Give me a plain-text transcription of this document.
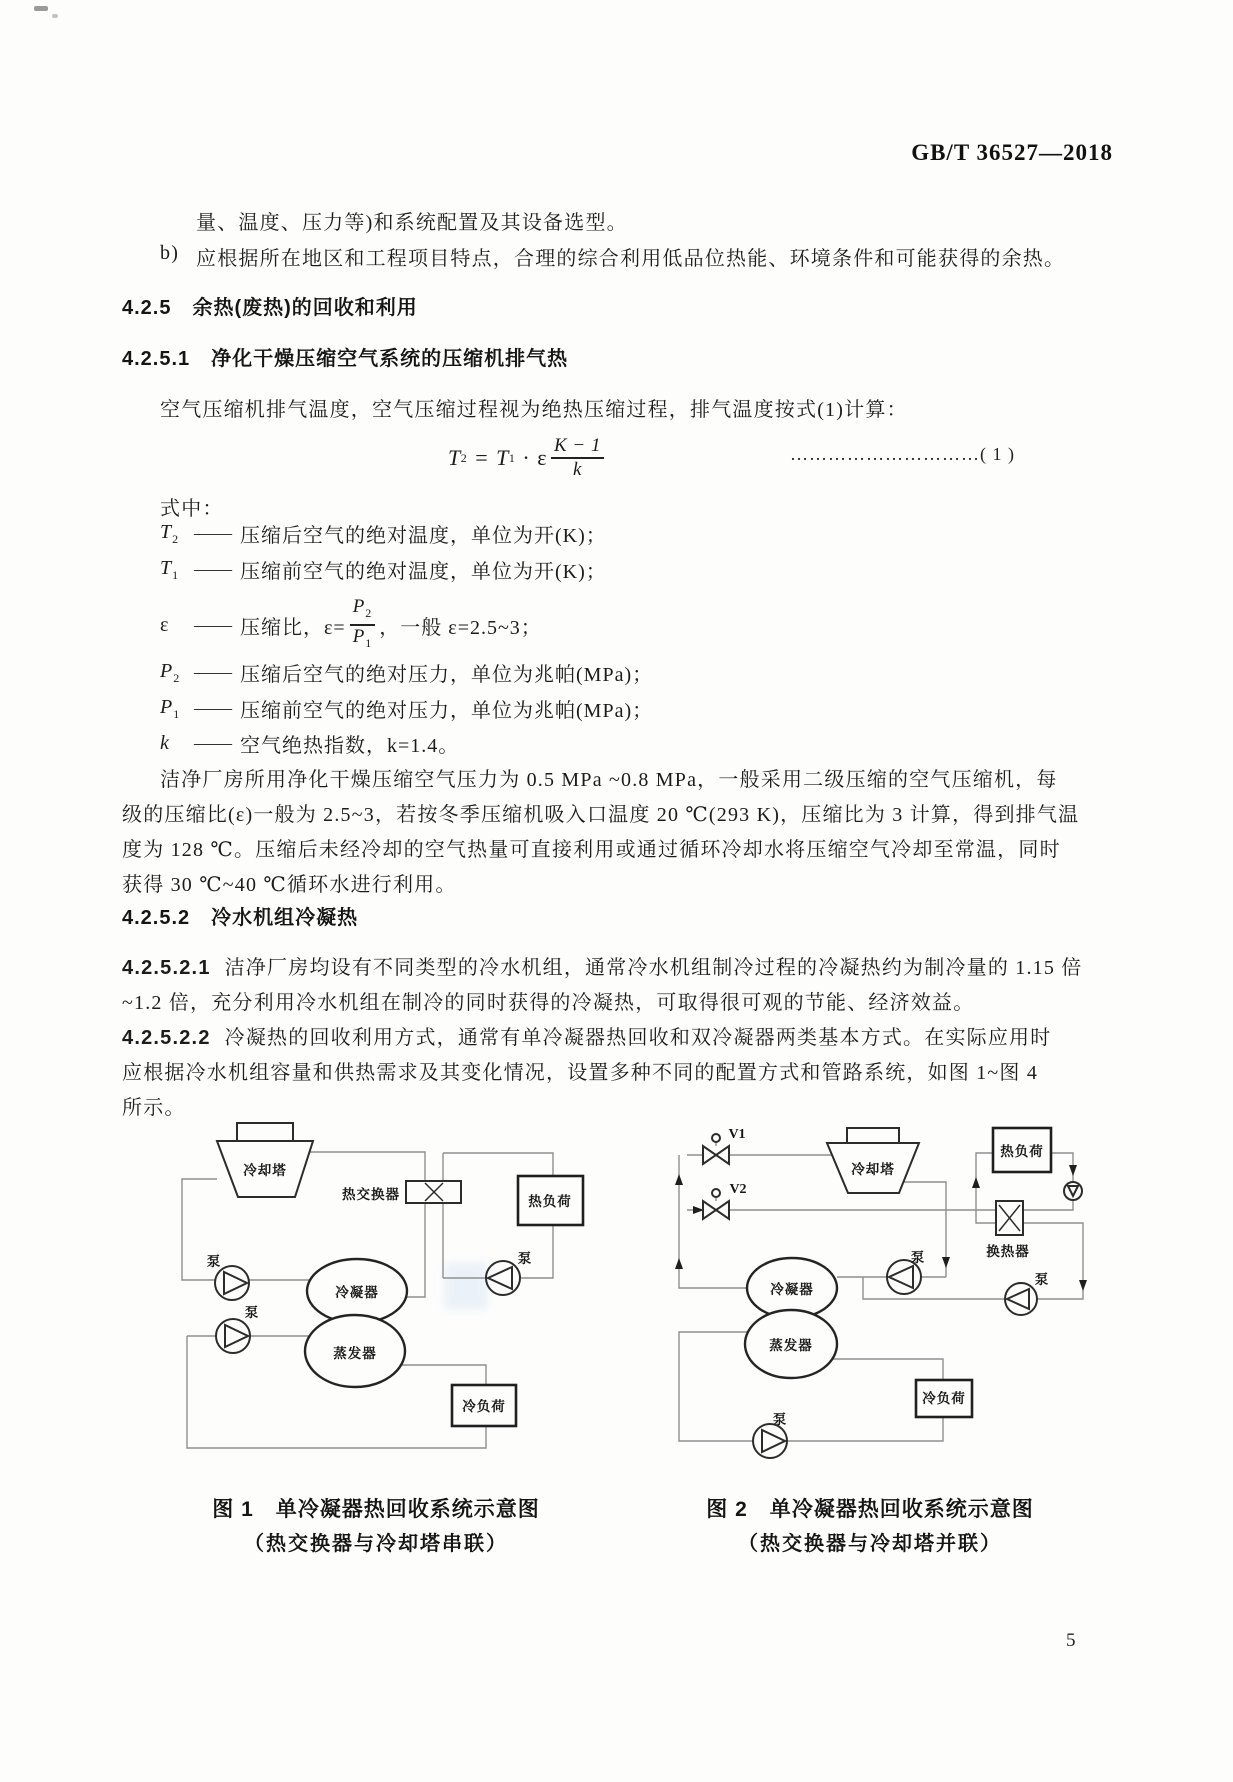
GB/T 36527—2018
量、温度、压力等)和系统配置及其设备选型。
b) 应根据所在地区和工程项目特点，合理的综合利用低品位热能、环境条件和可能获得的余热。
4.2.5　余热(废热)的回收和利用
4.2.5.1　净化干燥压缩空气系统的压缩机排气热
空气压缩机排气温度，空气压缩过程视为绝热压缩过程，排气温度按式(1)计算：
T 2 = T 1 · ε $\frac{K - 1}{k}$	…………………………( 1 )
式中：
$T_2$ —— 压缩后空气的绝对温度，单位为开(K)；
$T_1$ —— 压缩前空气的绝对温度，单位为开(K)；
ε	—— 压缩比，$\varepsilon= \frac{P_2}{P_1}$ ，一般 ε=2.5~3；
$P_2$ —— 压缩后空气的绝对压力，单位为兆帕(MPa)；
$P_1$ —— 压缩前空气的绝对压力，单位为兆帕(MPa)；
k	—— 空气绝热指数，k=1.4。
洁净厂房所用净化干燥压缩空气压力为 0.5 MPa ~0.8 MPa，一般采用二级压缩的空气压缩机，每
级的压缩比(ε)一般为 2.5~3，若按冬季压缩机吸入口温度 20 ℃(293 K)，压缩比为 3 计算，得到排气温
度为 128 ℃。压缩后未经冷却的空气热量可直接利用或通过循环冷却水将压缩空气冷却至常温，同时
获得 30 ℃~40 ℃循环水进行利用。
4.2.5.2　冷水机组冷凝热
4.2.5.2.1 洁净厂房均设有不同类型的冷水机组，通常冷水机组制冷过程的冷凝热约为制冷量的 1.15 倍
~1.2 倍，充分利用冷水机组在制冷的同时获得的冷凝热，可取得很可观的节能、经济效益。
4.2.5.2.2 冷凝热的回收利用方式，通常有单冷凝器热回收和双冷凝器两类基本方式。在实际应用时
应根据冷水机组容量和供热需求及其变化情况，设置多种不同的配置方式和管路系统，如图 1~图 4
所示。
冷却塔
热交换器	热负荷
泵
泵
泵
冷凝器
蒸发器
冷负荷
V1
V2
冷却塔
热负荷
换热器
泵
泵
泵
冷凝器
蒸发器
冷负荷
图 1 单冷凝器热回收系统示意图
（热交换器与冷却塔串联）
图 2 单冷凝器热回收系统示意图
（热交换器与冷却塔并联）
5
